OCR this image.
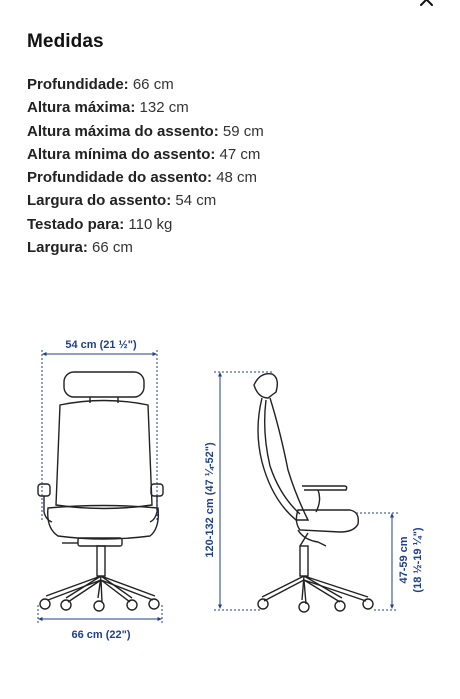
Medidas
Profundidade: 66 cm
Altura máxima: 132 cm
Altura máxima do assento: 59 cm
Altura mínima do assento: 47 cm
Profundidade do assento: 48 cm
Largura do assento: 54 cm
Testado para: 110 kg
Largura: 66 cm
54 cm (21 ½")
66 cm (22")
120-132 cm (47 ¼-52")
47-59 cm (18 ½-19 ¼")
